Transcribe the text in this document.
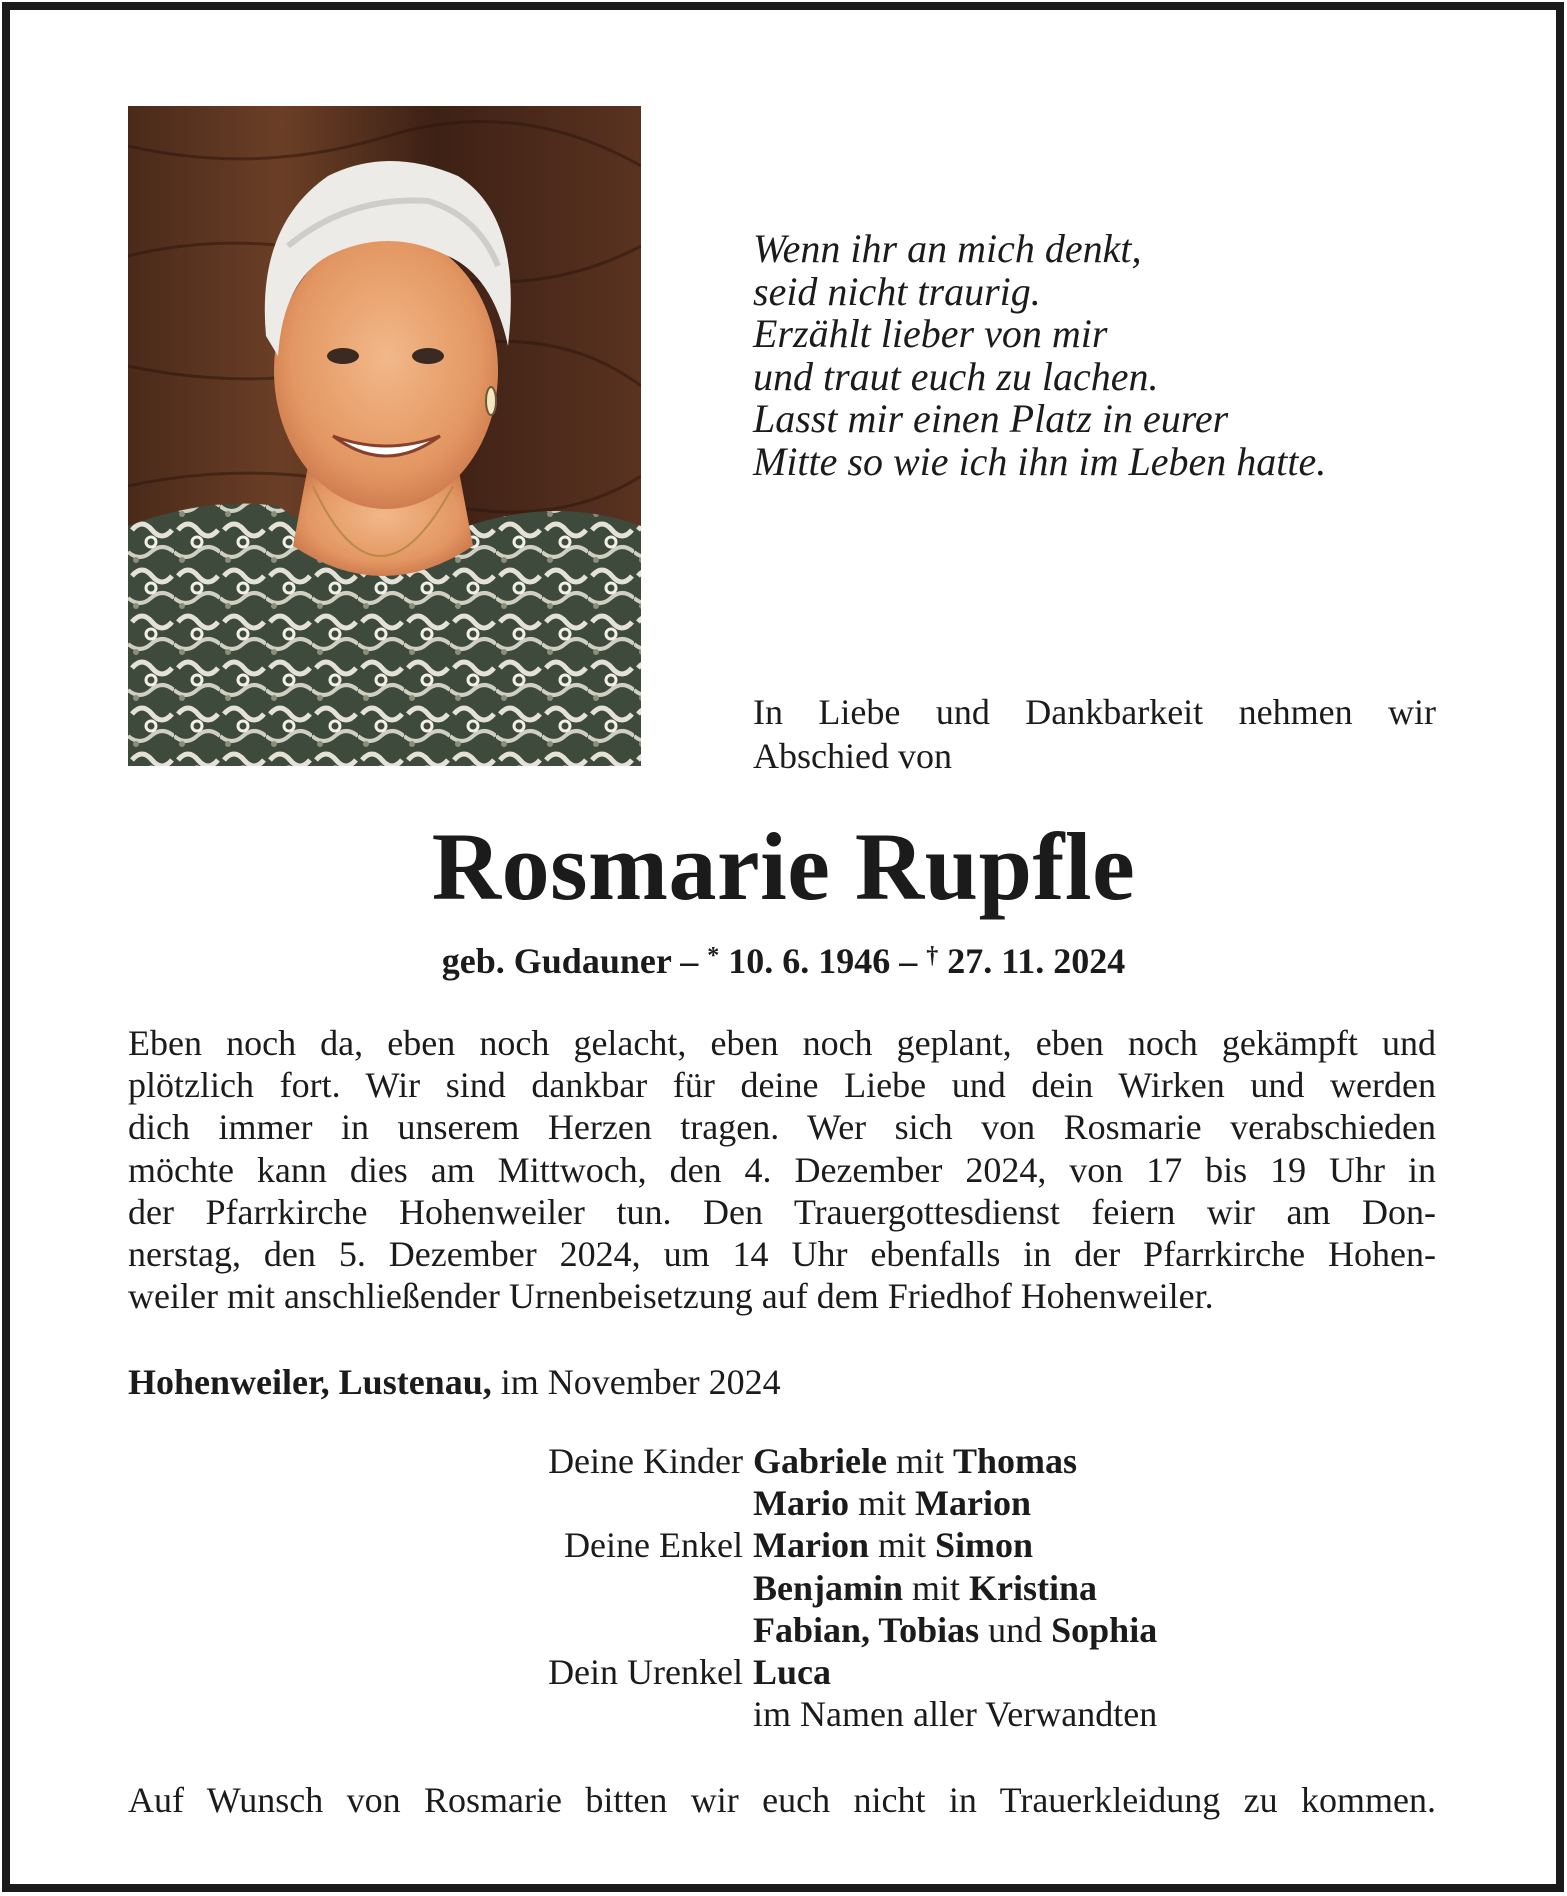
Wenn ihr an mich denkt,
seid nicht traurig.
Erzählt lieber von mir
und traut euch zu lachen.
Lasst mir einen Platz in eurer
Mitte so wie ich ihn im Leben hatte.

In Liebe und Dankbarkeit nehmen wir Abschied von

Rosmarie Rupfle

geb. Gudauner – * 10. 6. 1946 – † 27. 11. 2024

Eben noch da, eben noch gelacht, eben noch geplant, eben noch gekämpft und
plötzlich fort. Wir sind dankbar für deine Liebe und dein Wirken und werden
dich immer in unserem Herzen tragen. Wer sich von Rosmarie verabschieden
möchte kann dies am Mittwoch, den 4. Dezember 2024, von 17 bis 19 Uhr in
der Pfarrkirche Hohenweiler tun. Den Trauergottesdienst feiern wir am Don-
nerstag, den 5. Dezember 2024, um 14 Uhr ebenfalls in der Pfarrkirche Hohen-
weiler mit anschließender Urnenbeisetzung auf dem Friedhof Hohenweiler.

Hohenweiler, Lustenau, im November 2024

Deine Kinder Gabriele mit Thomas
Mario mit Marion
Deine Enkel Marion mit Simon
Benjamin mit Kristina
Fabian, Tobias und Sophia
Dein Urenkel Luca
im Namen aller Verwandten

Auf Wunsch von Rosmarie bitten wir euch nicht in Trauerkleidung zu kommen.
